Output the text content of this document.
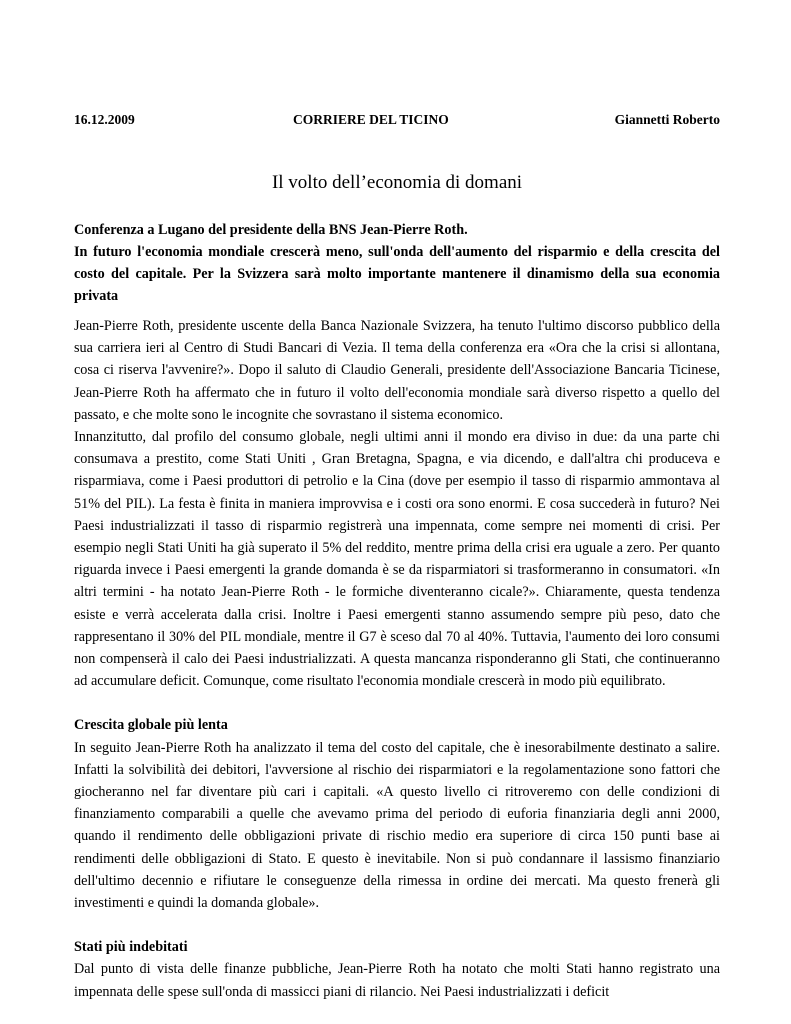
16.12.2009	CORRIERE DEL TICINO	Giannetti Roberto
Il volto dell’economia di domani

Conferenza a Lugano del presidente della BNS Jean-Pierre Roth.

In futuro l'economia mondiale crescerà meno, sull'onda dell'aumento del risparmio e della crescita del costo del capitale. Per la Svizzera sarà molto importante mantenere il dinamismo della sua economia privata

Jean-Pierre Roth, presidente uscente della Banca Nazionale Svizzera, ha tenuto l'ultimo discorso pubblico della sua carriera ieri al Centro di Studi Bancari di Vezia. Il tema della conferenza era «Ora che la crisi si allontana, cosa ci riserva l'avvenire?». Dopo il saluto di Claudio Generali, presidente dell'Associazione Bancaria Ticinese, Jean-Pierre Roth ha affermato che in futuro il volto dell'economia mondiale sarà diverso rispetto a quello del passato, e che molte sono le incognite che sovrastano il sistema economico.

Innanzitutto, dal profilo del consumo globale, negli ultimi anni il mondo era diviso in due: da una parte chi consumava a prestito, come Stati Uniti , Gran Bretagna, Spagna, e via dicendo, e dall'altra chi produceva e risparmiava, come i Paesi produttori di petrolio e la Cina (dove per esempio il tasso di risparmio ammontava al 51% del PIL). La festa è finita in maniera improvvisa e i costi ora sono enormi. E cosa succederà in futuro? Nei Paesi industrializzati il tasso di risparmio registrerà una impennata, come sempre nei momenti di crisi. Per esempio negli Stati Uniti ha già superato il 5% del reddito, mentre prima della crisi era uguale a zero. Per quanto riguarda invece i Paesi emergenti la grande domanda è se da risparmiatori si trasformeranno in consumatori. «In altri termini - ha notato Jean-Pierre Roth - le formiche diventeranno cicale?». Chiaramente, questa tendenza esiste e verrà accelerata dalla crisi. Inoltre i Paesi emergenti stanno assumendo sempre più peso, dato che rappresentano il 30% del PIL mondiale, mentre il G7 è sceso dal 70 al 40%. Tuttavia, l'aumento dei loro consumi non compenserà il calo dei Paesi industrializzati. A questa mancanza risponderanno gli Stati, che continueranno ad accumulare deficit. Comunque, come risultato l'economia mondiale crescerà in modo più equilibrato.

Crescita globale più lenta

In seguito Jean-Pierre Roth ha analizzato il tema del costo del capitale, che è inesorabilmente destinato a salire. Infatti la solvibilità dei debitori, l'avversione al rischio dei risparmiatori e la regolamentazione sono fattori che giocheranno nel far diventare più cari i capitali. «A questo livello ci ritroveremo con delle condizioni di finanziamento comparabili a quelle che avevamo prima del periodo di euforia finanziaria degli anni 2000, quando il rendimento delle obbligazioni private di rischio medio era superiore di circa 150 punti base ai rendimenti delle obbligazioni di Stato. E questo è inevitabile. Non si può condannare il lassismo finanziario dell'ultimo decennio e rifiutare le conseguenze della rimessa in ordine dei mercati. Ma questo frenerà gli investimenti e quindi la domanda globale».

Stati più indebitati

Dal punto di vista delle finanze pubbliche, Jean-Pierre Roth ha notato che molti Stati hanno registrato una impennata delle spese sull'onda di massicci piani di rilancio. Nei Paesi industrializzati i deficit
